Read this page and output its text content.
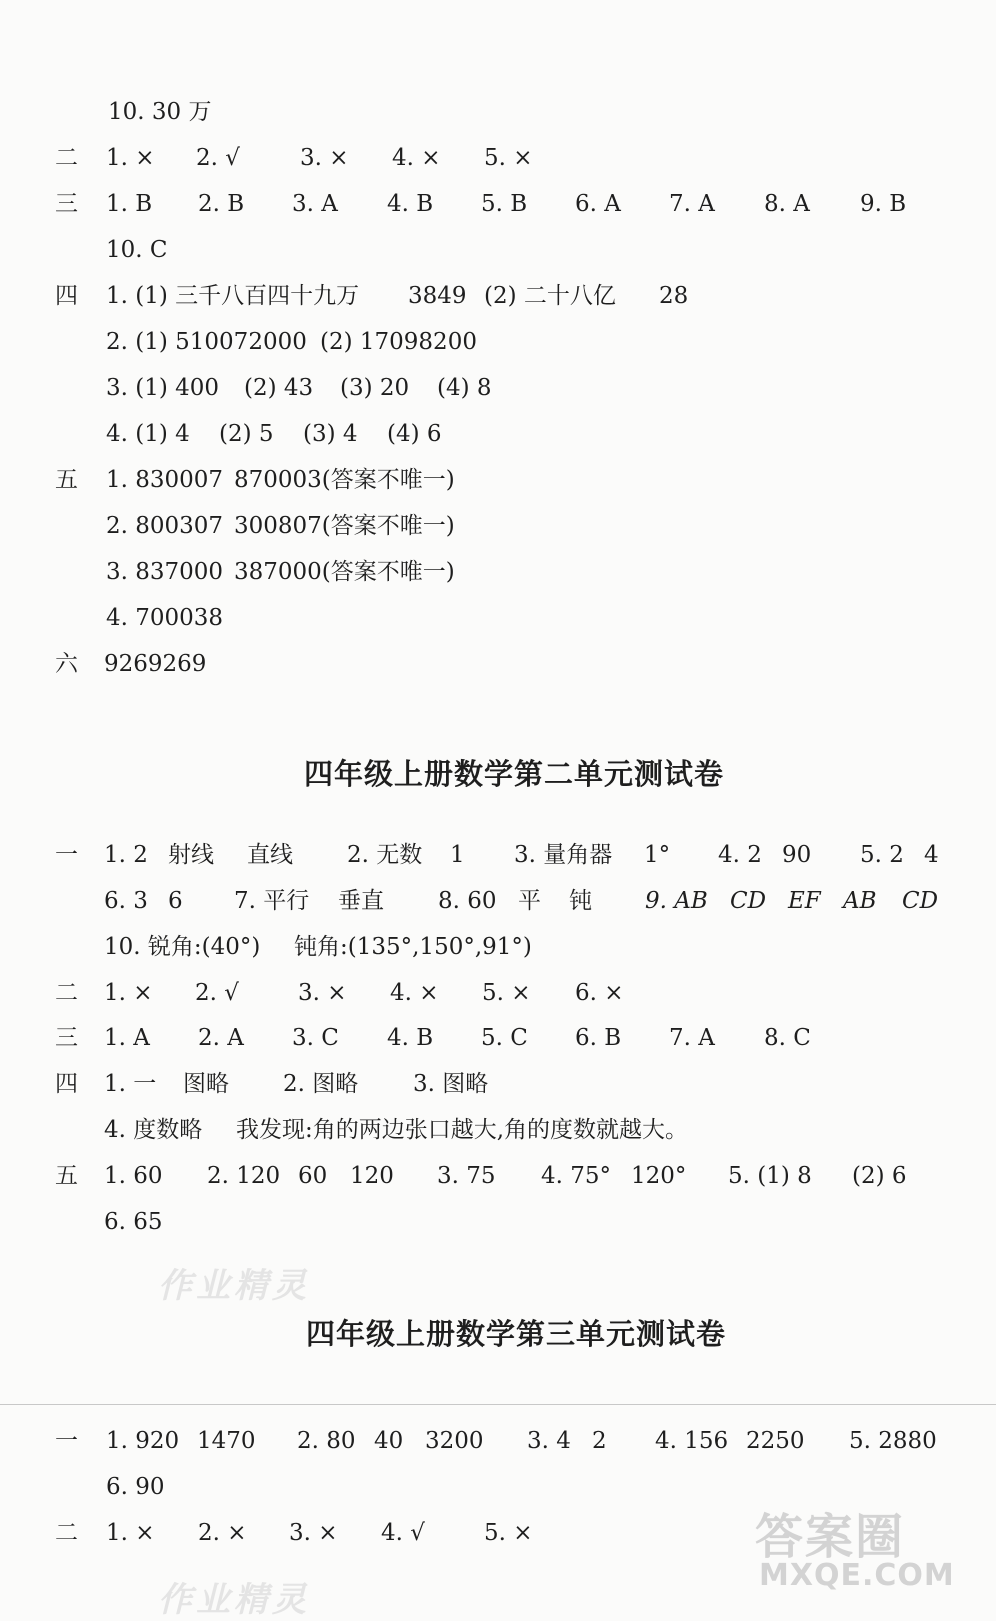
10. 30 万
二 1. × 2. √	3. × 4. × 5. ×
三 1. B 2. B 3. A 4. B 5. B 6. A 7. A 8. A 9. B
10. C
四 1. (1) 三千八百四十九万 3849 (2) 二十八亿 28
2. (1) 510072000 (2) 17098200
3. (1) 400 (2) 43 (3) 20 (4) 8
4. (1) 4 (2) 5 (3) 4 (4) 6
五 1. 830007 870003(答案不唯一)
2. 800307 300807(答案不唯一)
3. 837000 387000(答案不唯一)
4. 700038
六 9269269
四年级上册数学第二单元测试卷
一 1. 2 射线 直线 2. 无数 1 3. 量角器 1° 4. 2 90 5. 2 4
6. 3 6 7. 平行 垂直 8. 60 平 钝 9. AB CD EF AB CD
10. 锐角:(40°) 钝角:(135°,150°,91°)
二 1. × 2. √	3. × 4. × 5. × 6. ×
三 1. A 2. A 3. C 4. B 5. C 6. B 7. A 8. C
四 1. 一 图略 2. 图略 3. 图略
4. 度数略 我发现:角的两边张口越大,角的度数就越大。
五 1. 60 2. 120 60 120 3. 75 4. 75° 120° 5. (1) 8 (2) 6
6. 65
作业精灵
四年级上册数学第三单元测试卷
一 1. 920 1470 2. 80 40 3200 3. 4 2 4. 156 2250 5. 2880
6. 90
二 1. × 2. × 3. × 4. √	5. ×
作业精灵
答案圈
MXQE.COM
